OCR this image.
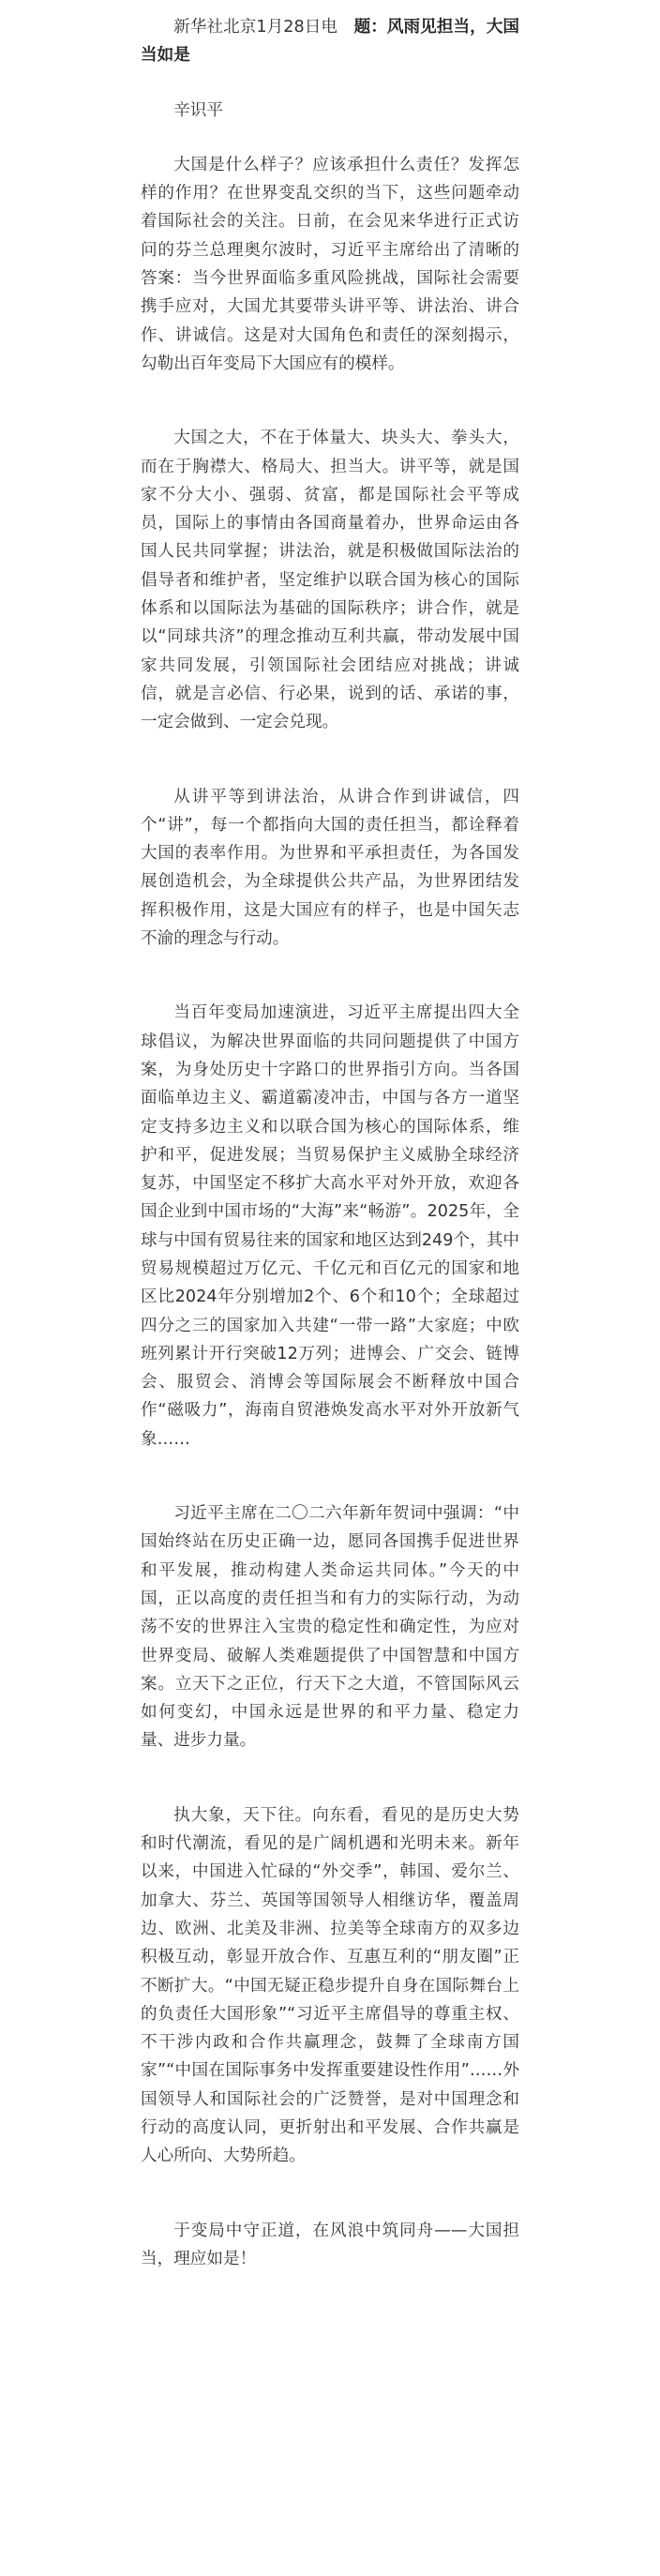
新华社北京1月28日电　题：风雨见担当，大国当如是

辛识平

大国是什么样子？应该承担什么责任？发挥怎样的作用？在世界变乱交织的当下，这些问题牵动着国际社会的关注。日前，在会见来华进行正式访问的芬兰总理奥尔波时，习近平主席给出了清晰的答案：当今世界面临多重风险挑战，国际社会需要携手应对，大国尤其要带头讲平等、讲法治、讲合作、讲诚信。这是对大国角色和责任的深刻揭示，勾勒出百年变局下大国应有的模样。

大国之大，不在于体量大、块头大、拳头大，而在于胸襟大、格局大、担当大。讲平等，就是国家不分大小、强弱、贫富，都是国际社会平等成员，国际上的事情由各国商量着办，世界命运由各国人民共同掌握；讲法治，就是积极做国际法治的倡导者和维护者，坚定维护以联合国为核心的国际体系和以国际法为基础的国际秩序；讲合作，就是以“同球共济”的理念推动互利共赢，带动发展中国家共同发展，引领国际社会团结应对挑战；讲诚信，就是言必信、行必果，说到的话、承诺的事，一定会做到、一定会兑现。

从讲平等到讲法治，从讲合作到讲诚信，四个“讲”，每一个都指向大国的责任担当，都诠释着大国的表率作用。为世界和平承担责任，为各国发展创造机会，为全球提供公共产品，为世界团结发挥积极作用，这是大国应有的样子，也是中国矢志不渝的理念与行动。

当百年变局加速演进，习近平主席提出四大全球倡议，为解决世界面临的共同问题提供了中国方案，为身处历史十字路口的世界指引方向。当各国面临单边主义、霸道霸凌冲击，中国与各方一道坚定支持多边主义和以联合国为核心的国际体系，维护和平，促进发展；当贸易保护主义威胁全球经济复苏，中国坚定不移扩大高水平对外开放，欢迎各国企业到中国市场的“大海”来“畅游”。2025年，全球与中国有贸易往来的国家和地区达到249个，其中贸易规模超过万亿元、千亿元和百亿元的国家和地区比2024年分别增加2个、6个和10个；全球超过四分之三的国家加入共建“一带一路”大家庭；中欧班列累计开行突破12万列；进博会、广交会、链博会、服贸会、消博会等国际展会不断释放中国合作“磁吸力”，海南自贸港焕发高水平对外开放新气象……

习近平主席在二〇二六年新年贺词中强调：“中国始终站在历史正确一边，愿同各国携手促进世界和平发展，推动构建人类命运共同体。”今天的中国，正以高度的责任担当和有力的实际行动，为动荡不安的世界注入宝贵的稳定性和确定性，为应对世界变局、破解人类难题提供了中国智慧和中国方案。立天下之正位，行天下之大道，不管国际风云如何变幻，中国永远是世界的和平力量、稳定力量、进步力量。

执大象，天下往。向东看，看见的是历史大势和时代潮流，看见的是广阔机遇和光明未来。新年以来，中国进入忙碌的“外交季”，韩国、爱尔兰、加拿大、芬兰、英国等国领导人相继访华，覆盖周边、欧洲、北美及非洲、拉美等全球南方的双多边积极互动，彰显开放合作、互惠互利的“朋友圈”正不断扩大。“中国无疑正稳步提升自身在国际舞台上的负责任大国形象”“习近平主席倡导的尊重主权、不干涉内政和合作共赢理念，鼓舞了全球南方国家”“中国在国际事务中发挥重要建设性作用”……外国领导人和国际社会的广泛赞誉，是对中国理念和行动的高度认同，更折射出和平发展、合作共赢是人心所向、大势所趋。

于变局中守正道，在风浪中筑同舟——大国担当，理应如是！
